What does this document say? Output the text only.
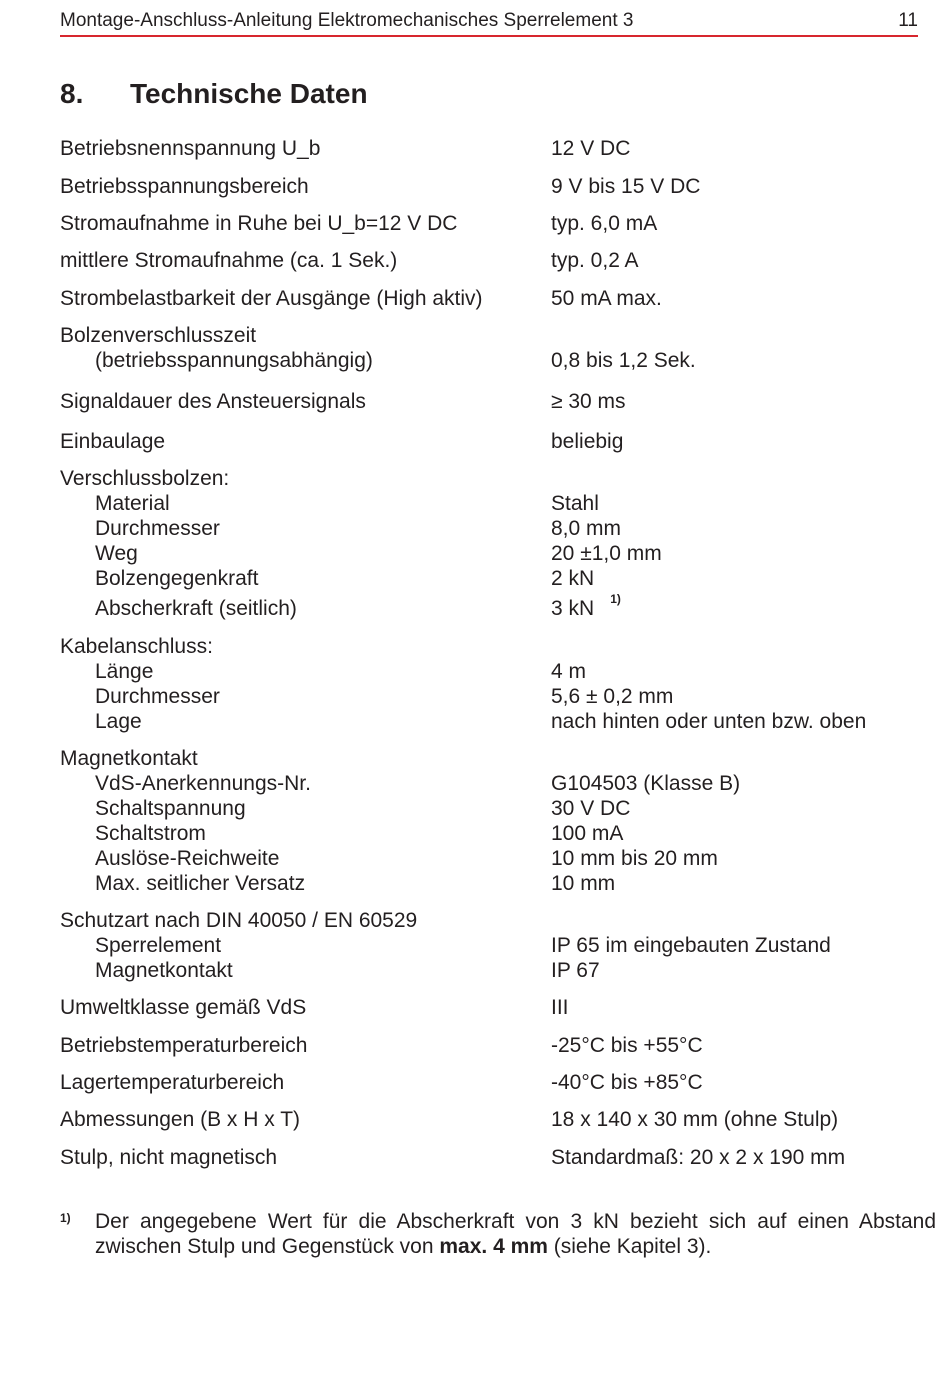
Montage-Anschluss-Anleitung Elektromechanisches Sperrelement 3	11
8. Technische Daten
Betriebsnennspannung U_b	12 V DC
Betriebsspannungsbereich	9 V bis 15 V DC
Stromaufnahme in Ruhe bei U_b=12 V DC	typ. 6,0 mA
mittlere Stromaufnahme (ca. 1 Sek.)	typ. 0,2 A
Strombelastbarkeit der Ausgänge (High aktiv)	50 mA max.
Bolzenverschlusszeit
(betriebsspannungsabhängig)	0,8 bis 1,2 Sek.
Signaldauer des Ansteuersignals	≥ 30 ms
Einbaulage	beliebig
Verschlussbolzen:
Material	Stahl
Durchmesser	8,0 mm
Weg	20 ±1,0 mm
Bolzengegenkraft	2 kN
Abscherkraft (seitlich)	3 kN $^{1)}$
Kabelanschluss:
Länge	4 m
Durchmesser	5,6 ± 0,2 mm
Lage	nach hinten oder unten bzw. oben
Magnetkontakt
VdS-Anerkennungs-Nr.	G104503 (Klasse B)
Schaltspannung	30 V DC
Schaltstrom	100 mA
Auslöse-Reichweite	10 mm bis 20 mm
Max. seitlicher Versatz	10 mm
Schutzart nach DIN 40050 / EN 60529
Sperrelement	IP 65 im eingebauten Zustand
Magnetkontakt	IP 67
Umweltklasse gemäß VdS	III
Betriebstemperaturbereich	-25°C bis +55°C
Lagertemperaturbereich	-40°C bis +85°C
Abmessungen (B x H x T)	18 x 140 x 30 mm (ohne Stulp)
Stulp, nicht magnetisch	Standardmaß: 20 x 2 x 190 mm
1) Der angegebene Wert für die Abscherkraft von 3 kN bezieht sich auf einen Abstand zwischen Stulp und Gegenstück von max. 4 mm (siehe Kapitel 3).
